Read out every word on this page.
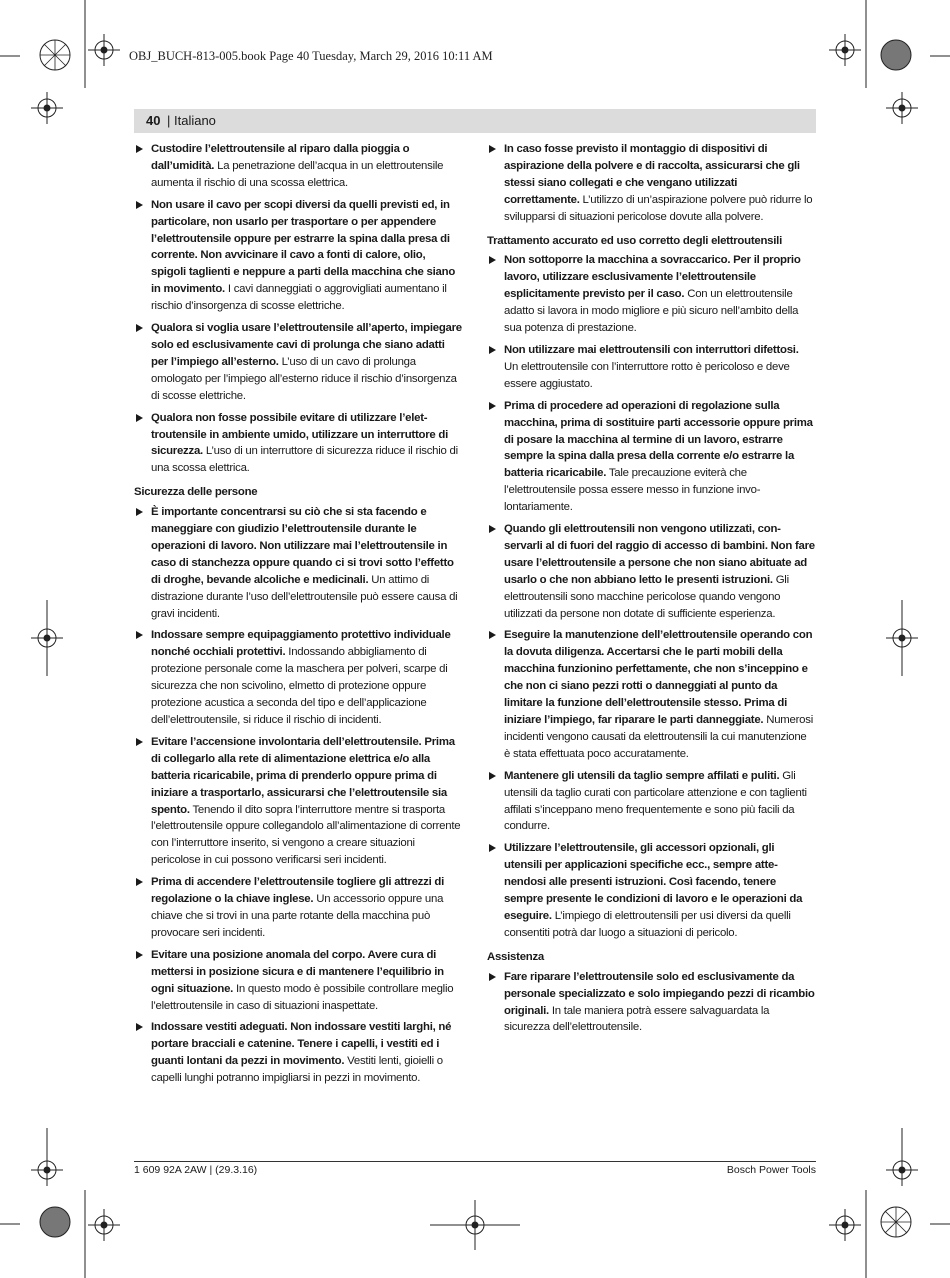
OBJ_BUCH-813-005.book Page 40 Tuesday, March 29, 2016 10:11 AM
40 | Italiano
Custodire l’elettroutensile al riparo dalla pioggia o dall’umidità. La penetrazione dell’acqua in un elettroutensile aumenta il rischio di una scossa elettrica.
Non usare il cavo per scopi diversi da quelli previsti ed, in particolare, non usarlo per trasportare o per appendere l’elettroutensile oppure per estrarre la spina dalla presa di corrente. Non avvicinare il cavo a fonti di calore, olio, spigoli taglienti e neppure a parti della macchina che siano in movimento. I cavi danneggiati o aggrovigliati aumentano il rischio d’insorgenza di scosse elettriche.
Qualora si voglia usare l’elettroutensile all’aperto, impiegare solo ed esclusivamente cavi di prolunga che siano adatti per l’impiego all’esterno. L’uso di un cavo di prolunga omologato per l’impiego all’esterno riduce il rischio d’insorgenza di scosse elettriche.
Qualora non fosse possibile evitare di utilizzare l’elettroutensile in ambiente umido, utilizzare un interruttore di sicurezza. L’uso di un interruttore di sicurezza riduce il rischio di una scossa elettrica.
Sicurezza delle persone
È importante concentrarsi su ciò che si sta facendo e maneggiare con giudizio l’elettroutensile durante le operazioni di lavoro. Non utilizzare mai l’elettroutensile in caso di stanchezza oppure quando ci si trovi sotto l’effetto di droghe, bevande alcoliche e medicinali. Un attimo di distrazione durante l’uso dell’elettroutensile può essere causa di gravi incidenti.
Indossare sempre equipaggiamento protettivo individuale nonché occhiali protettivi. Indossando abbigliamento di protezione personale come la maschera per polveri, scarpe di sicurezza che non scivolino, elmetto di protezione oppure protezione acustica a seconda del tipo e dell’applicazione dell’elettroutensile, si riduce il rischio di incidenti.
Evitare l’accensione involontaria dell’elettroutensile. Prima di collegarlo alla rete di alimentazione elettrica e/o alla batteria ricaricabile, prima di prenderlo oppure prima di iniziare a trasportarlo, assicurarsi che l’elettroutensile sia spento. Tenendo il dito sopra l’interruttore mentre si trasporta l’elettroutensile oppure collegandolo all’alimentazione di corrente con l’interruttore inserito, si vengono a creare situazioni pericolose in cui possono verificarsi seri incidenti.
Prima di accendere l’elettroutensile togliere gli attrezzi di regolazione o la chiave inglese. Un accessorio oppure una chiave che si trovi in una parte rotante della macchina può provocare seri incidenti.
Evitare una posizione anomala del corpo. Avere cura di mettersi in posizione sicura e di mantenere l’equilibrio in ogni situazione. In questo modo è possibile controllare meglio l’elettroutensile in caso di situazioni inaspettate.
Indossare vestiti adeguati. Non indossare vestiti larghi, né portare bracciali e catenine. Tenere i capelli, i vestiti ed i guanti lontani da pezzi in movimento. Vestiti lenti, gioielli o capelli lunghi potranno impigliarsi in pezzi in movimento.
In caso fosse previsto il montaggio di dispositivi di aspirazione della polvere e di raccolta, assicurarsi che gli stessi siano collegati e che vengano utilizzati correttamente. L’utilizzo di un’aspirazione polvere può ridurre lo svilupparsi di situazioni pericolose dovute alla polvere.
Trattamento accurato ed uso corretto degli elettroutensili
Non sottoporre la macchina a sovraccarico. Per il proprio lavoro, utilizzare esclusivamente l’elettroutensile esplicitamente previsto per il caso. Con un elettroutensile adatto si lavora in modo migliore e più sicuro nell’ambito della sua potenza di prestazione.
Non utilizzare mai elettroutensili con interruttori difettosi. Un elettroutensile con l’interruttore rotto è pericoloso e deve essere aggiustato.
Prima di procedere ad operazioni di regolazione sulla macchina, prima di sostituire parti accessorie oppure prima di posare la macchina al termine di un lavoro, estrarre sempre la spina dalla presa della corrente e/o estrarre la batteria ricaricabile. Tale precauzione eviterà che l’elettroutensile possa essere messo in funzione involontariamente.
Quando gli elettroutensili non vengono utilizzati, conservarli al di fuori del raggio di accesso di bambini. Non fare usare l’elettroutensile a persone che non siano abituate ad usarlo o che non abbiano letto le presenti istruzioni. Gli elettroutensili sono macchine pericolose quando vengono utilizzati da persone non dotate di sufficiente esperienza.
Eseguire la manutenzione dell’elettroutensile operando con la dovuta diligenza. Accertarsi che le parti mobili della macchina funzionino perfettamente, che non s’inceppino e che non ci siano pezzi rotti o danneggiati al punto da limitare la funzione dell’elettroutensile stesso. Prima di iniziare l’impiego, far riparare le parti danneggiate. Numerosi incidenti vengono causati da elettroutensili la cui manutenzione è stata effettuata poco accuratamente.
Mantenere gli utensili da taglio sempre affilati e puliti. Gli utensili da taglio curati con particolare attenzione e con taglienti affilati s’inceppano meno frequentemente e sono più facili da condurre.
Utilizzare l’elettroutensile, gli accessori opzionali, gli utensili per applicazioni specifiche ecc., sempre attenendosi alle presenti istruzioni. Così facendo, tenere sempre presente le condizioni di lavoro e le operazioni da eseguire. L’impiego di elettroutensili per usi diversi da quelli consentiti potrà dar luogo a situazioni di pericolo.
Assistenza
Fare riparare l’elettroutensile solo ed esclusivamente da personale specializzato e solo impiegando pezzi di ricambio originali. In tale maniera potrà essere salvaguardata la sicurezza dell’elettroutensile.
1 609 92A 2AW | (29.3.16)	Bosch Power Tools
